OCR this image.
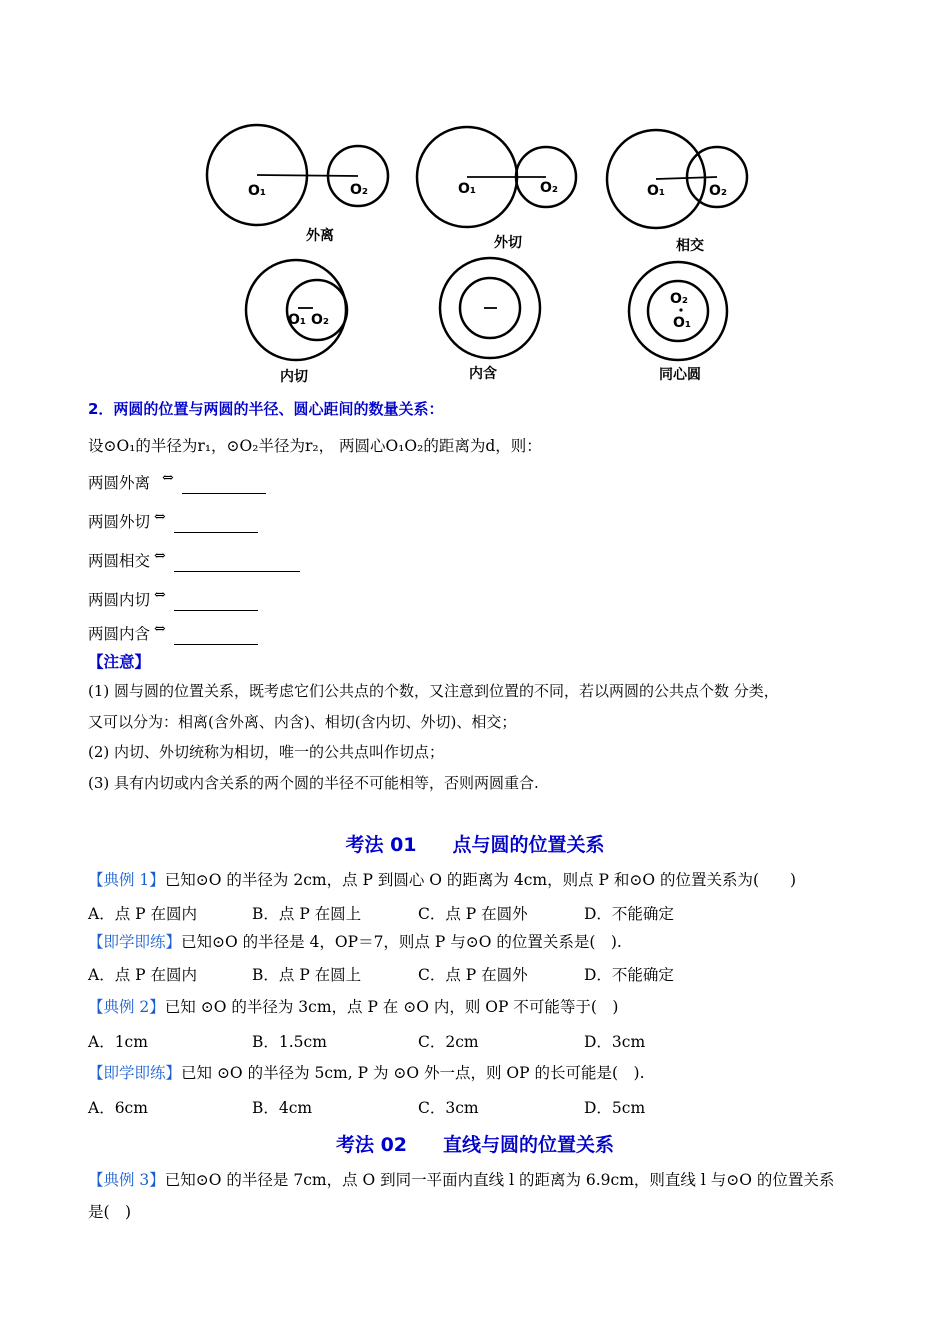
O₁	O₂	O₁	O₂	O₁	O₂
O₁ O₂
O₂
O₁
外离	外切	相交
内切	内含	同心圆
2．两圆的位置与两圆的半径、圆心距间的数量关系：
设⊙O₁的半径为r₁，⊙O₂半径为r₂， 两圆心O₁O₂的距离为d，则：
两圆外离 ⇔
两圆外切 ⇔
两圆相交 ⇔
两圆内切 ⇔
两圆内含 ⇔
【注意】
(1) 圆与圆的位置关系，既考虑它们公共点的个数，又注意到位置的不同，若以两圆的公共点个数 分类，
又可以分为：相离(含外离、内含)、相切(含内切、外切)、相交；
(2) 内切、外切统称为相切，唯一的公共点叫作切点；
(3) 具有内切或内含关系的两个圆的半径不可能相等，否则两圆重合.
考法 01 点与圆的位置关系
【典例 1】已知⊙O 的半径为 2cm，点 P 到圆心 O 的距离为 4cm，则点 P 和⊙O 的位置关系为(　　)
A．点 P 在圆内	B．点 P 在圆上	C．点 P 在圆外	D．不能确定
【即学即练】已知⊙O 的半径是 4，OP＝7，则点 P 与⊙O 的位置关系是(　).
A．点 P 在圆内	B．点 P 在圆上	C．点 P 在圆外	D．不能确定
【典例 2】已知 ⊙O 的半径为 3cm，点 P 在 ⊙O 内，则 OP 不可能等于(　)
A．1cm	B．1.5cm	C．2cm	D．3cm
【即学即练】已知 ⊙O 的半径为 5cm, P 为 ⊙O 外一点，则 OP 的长可能是(　).
A．6cm	B．4cm	C．3cm	D．5cm
考法 02 直线与圆的位置关系
【典例 3】已知⊙O 的半径是 7cm，点 O 到同一平面内直线 l 的距离为 6.9cm，则直线 l 与⊙O 的位置关系
是(　)
